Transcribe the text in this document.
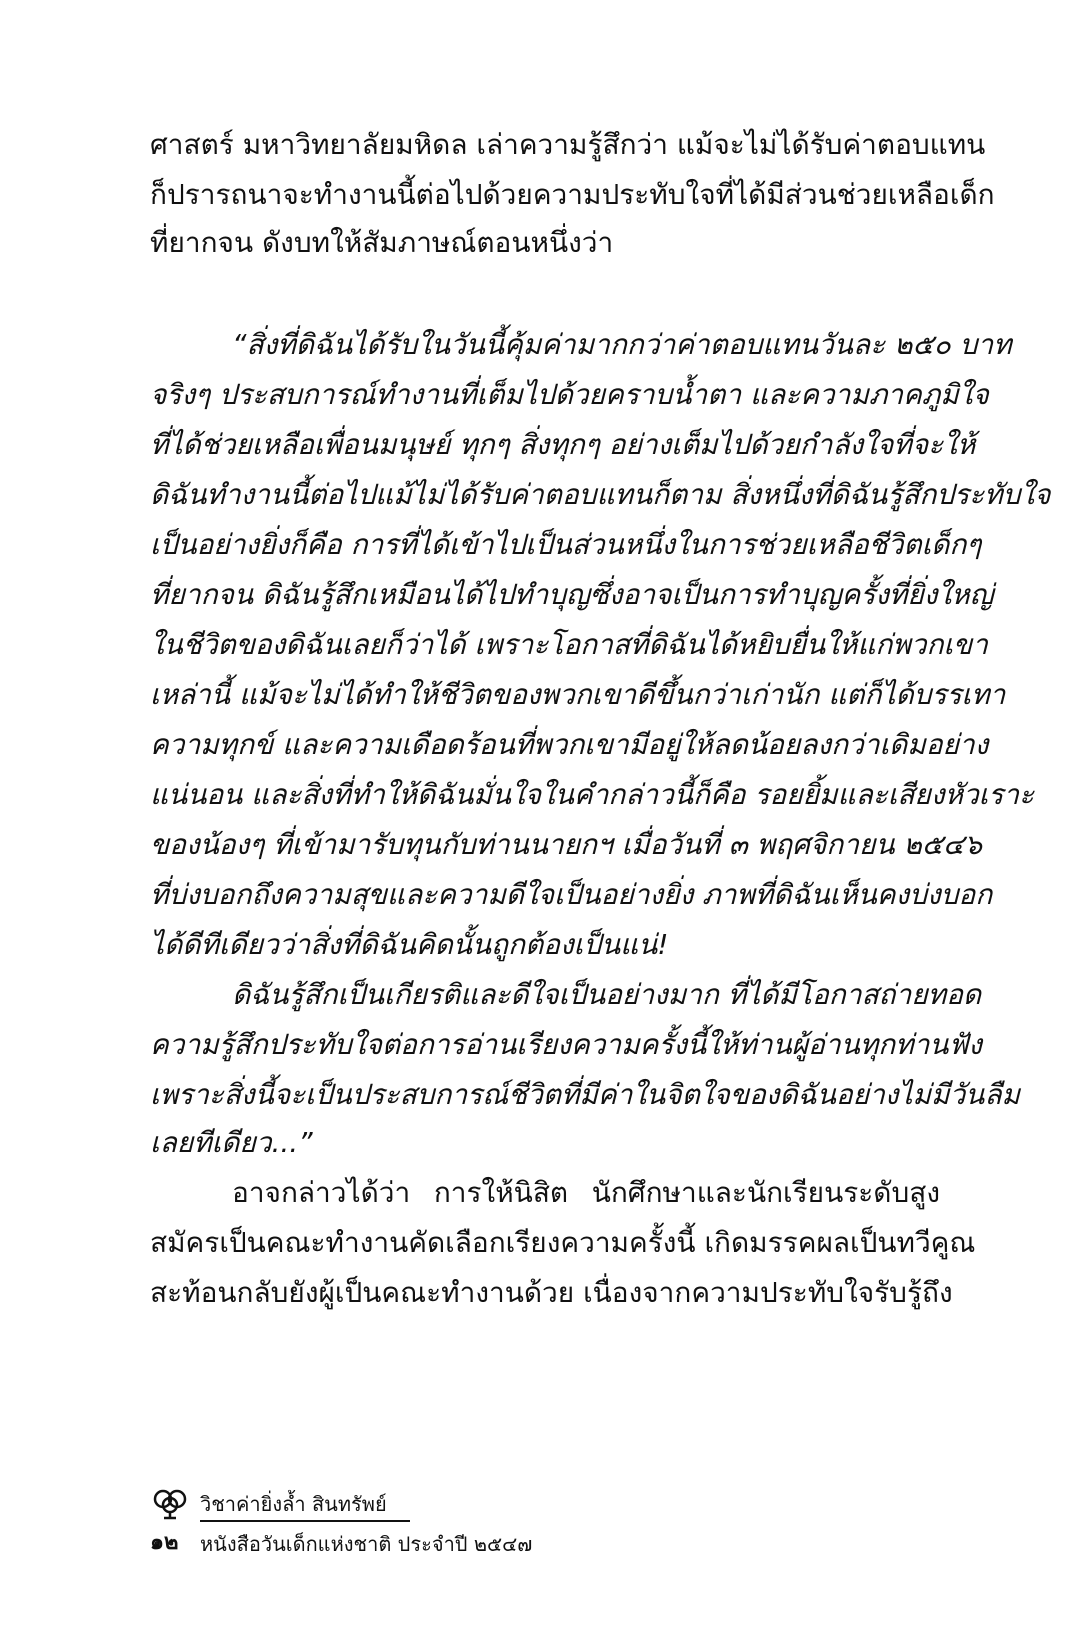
ศาสตร์ มหาวิทยาลัยมหิดล เล่าความรู้สึกว่า แม้จะไม่ได้รับค่าตอบแทน
ก็ปรารถนาจะทำงานนี้ต่อไปด้วยความประทับใจที่ได้มีส่วนช่วยเหลือเด็ก
ที่ยากจน ดังบทให้สัมภาษณ์ตอนหนึ่งว่า
“สิ่งที่ดิฉันได้รับในวันนี้คุ้มค่ามากกว่าค่าตอบแทนวันละ ๒๕๐ บาท
จริงๆ ประสบการณ์ทำงานที่เต็มไปด้วยคราบน้ำตา และความภาคภูมิใจ
ที่ได้ช่วยเหลือเพื่อนมนุษย์ ทุกๆ สิ่งทุกๆ อย่างเต็มไปด้วยกำลังใจที่จะให้
ดิฉันทำงานนี้ต่อไปแม้ไม่ได้รับค่าตอบแทนก็ตาม สิ่งหนึ่งที่ดิฉันรู้สึกประทับใจ
เป็นอย่างยิ่งก็คือ การที่ได้เข้าไปเป็นส่วนหนึ่งในการช่วยเหลือชีวิตเด็กๆ
ที่ยากจน ดิฉันรู้สึกเหมือนได้ไปทำบุญซึ่งอาจเป็นการทำบุญครั้งที่ยิ่งใหญ่
ในชีวิตของดิฉันเลยก็ว่าได้ เพราะโอกาสที่ดิฉันได้หยิบยื่นให้แก่พวกเขา
เหล่านี้ แม้จะไม่ได้ทำให้ชีวิตของพวกเขาดีขึ้นกว่าเก่านัก แต่ก็ได้บรรเทา
ความทุกข์ และความเดือดร้อนที่พวกเขามีอยู่ให้ลดน้อยลงกว่าเดิมอย่าง
แน่นอน และสิ่งที่ทำให้ดิฉันมั่นใจในคำกล่าวนี้ก็คือ รอยยิ้มและเสียงหัวเราะ
ของน้องๆ ที่เข้ามารับทุนกับท่านนายกฯ เมื่อวันที่ ๓ พฤศจิกายน ๒๕๔๖
ที่บ่งบอกถึงความสุขและความดีใจเป็นอย่างยิ่ง ภาพที่ดิฉันเห็นคงบ่งบอก
ได้ดีทีเดียวว่าสิ่งที่ดิฉันคิดนั้นถูกต้องเป็นแน่!
ดิฉันรู้สึกเป็นเกียรติและดีใจเป็นอย่างมาก ที่ได้มีโอกาสถ่ายทอด
ความรู้สึกประทับใจต่อการอ่านเรียงความครั้งนี้ให้ท่านผู้อ่านทุกท่านฟัง
เพราะสิ่งนี้จะเป็นประสบการณ์ชีวิตที่มีค่าในจิตใจของดิฉันอย่างไม่มีวันลืม
เลยทีเดียว...”
อาจกล่าวได้ว่า การให้นิสิต นักศึกษาและนักเรียนระดับสูง
สมัครเป็นคณะทำงานคัดเลือกเรียงความครั้งนี้ เกิดมรรคผลเป็นทวีคูณ
สะท้อนกลับยังผู้เป็นคณะทำงานด้วย เนื่องจากความประทับใจรับรู้ถึง
วิชาค่ายิ่งล้ำ สินทรัพย์
๑๒ หนังสือวันเด็กแห่งชาติ ประจำปี ๒๕๔๗
